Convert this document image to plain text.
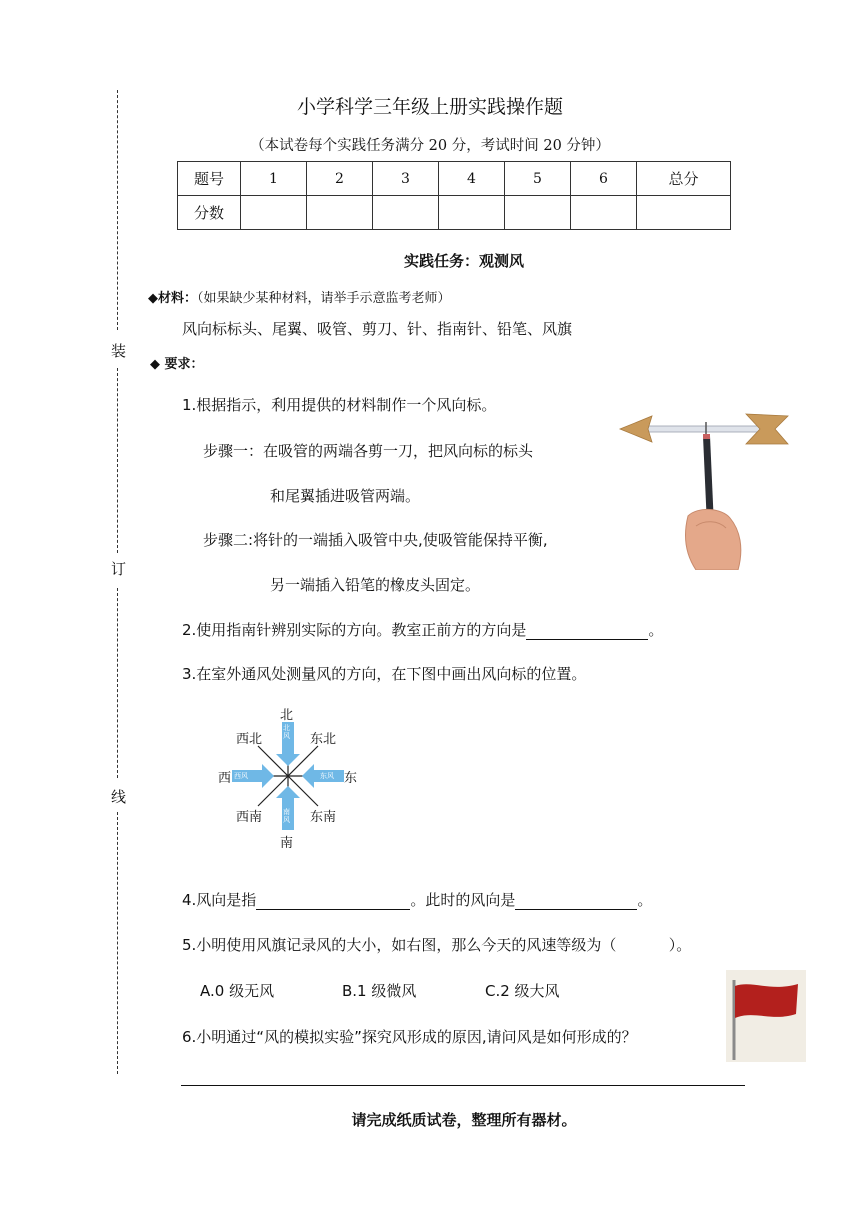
装
订
线
小学科学三年级上册实践操作题
（本试卷每个实践任务满分 20 分，考试时间 20 分钟）
题号	1	2	3	4	5	6	总分
分数							
实践任务：观测风
◆材料：（如果缺少某种材料，请举手示意监考老师）
风向标标头、尾翼、吸管、剪刀、针、指南针、铅笔、风旗
◆ 要求：
1.根据指示，利用提供的材料制作一个风向标。
步骤一：在吸管的两端各剪一刀，把风向标的标头
和尾翼插进吸管两端。
步骤二:将针的一端插入吸管中央,使吸管能保持平衡,
另一端插入铅笔的橡皮头固定。
2.使用指南针辨别实际的方向。教室正前方的方向是	。
3.在室外通风处测量风的方向，在下图中画出风向标的位置。
北
南
西	东
西北	东北
西南	东南
北风
南风
西风	东风
4.风向是指	。此时的风向是	。
5.小明使用风旗记录风的大小，如右图，那么今天的风速等级为（           ）。
A.0 级无风	B.1 级微风	C.2 级大风
6.小明通过“风的模拟实验”探究风形成的原因,请问风是如何形成的？
请完成纸质试卷，整理所有器材。
